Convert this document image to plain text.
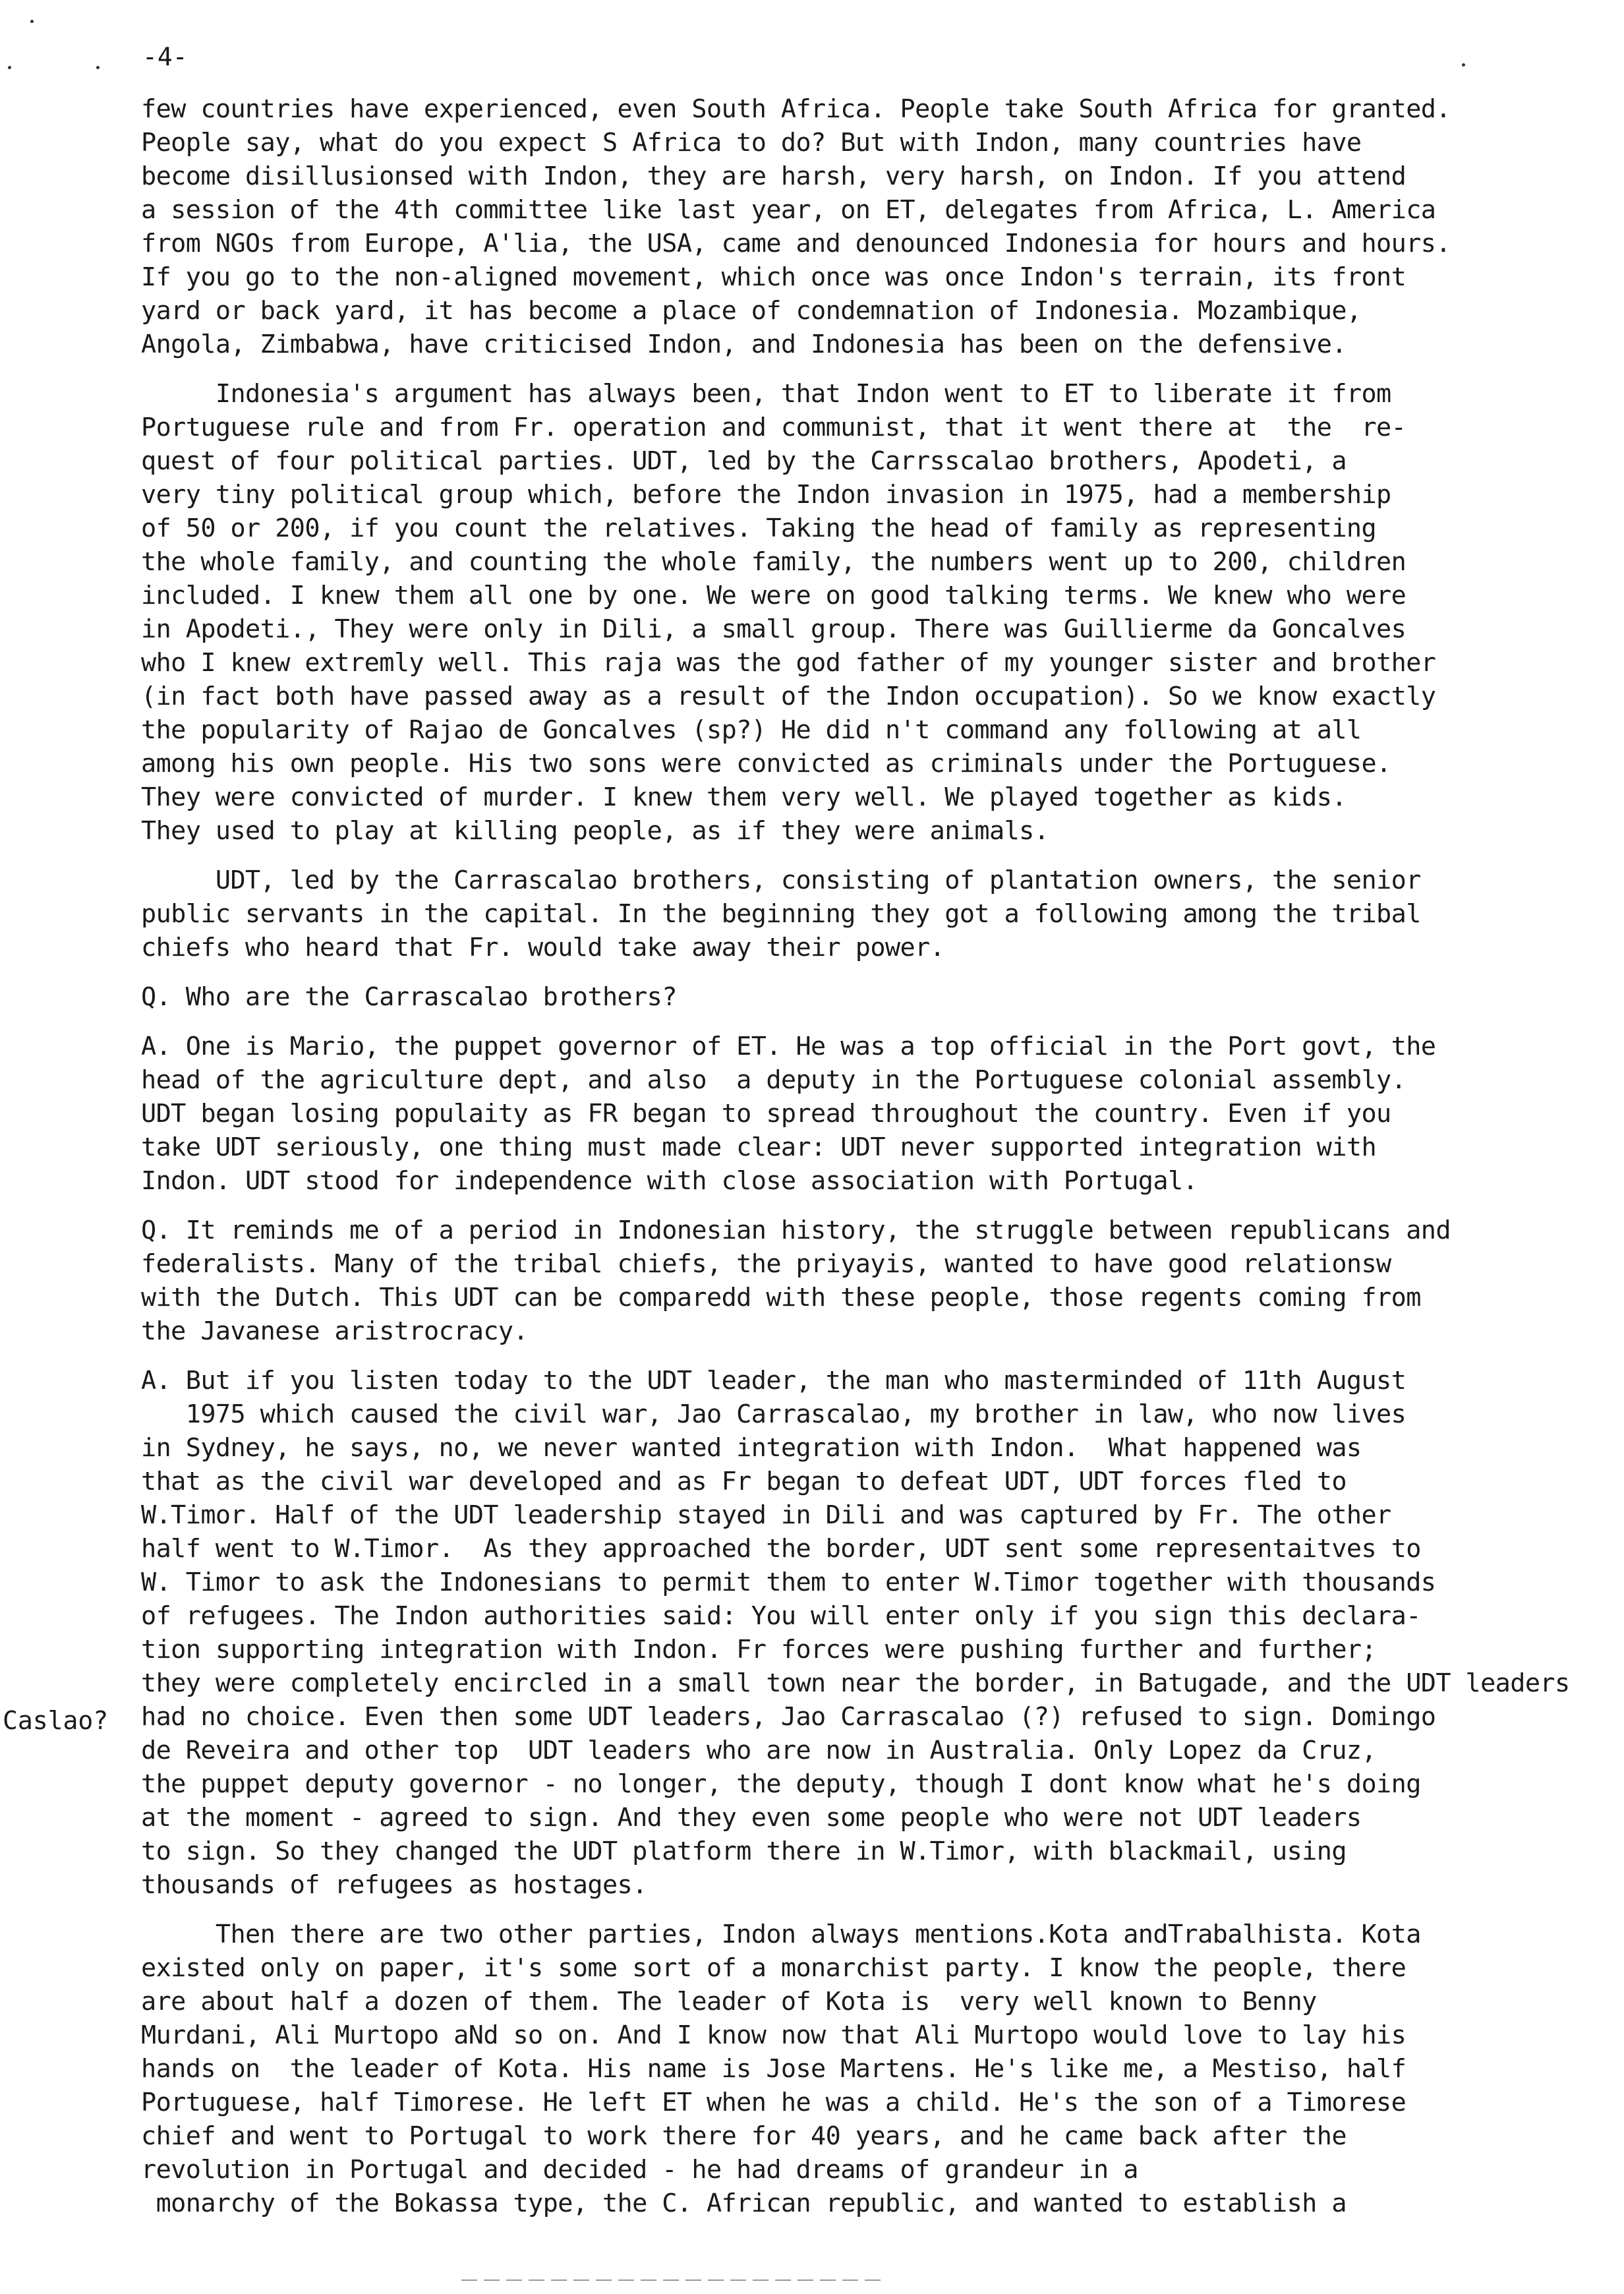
-4-
few countries have experienced, even South Africa. People take South Africa for granted.
People say, what do you expect S Africa to do? But with Indon, many countries have
become disillusionsed with Indon, they are harsh, very harsh, on Indon. If you attend
a session of the 4th committee like last year, on ET, delegates from Africa, L. America
from NGOs from Europe, A'lia, the USA, came and denounced Indonesia for hours and hours.
If you go to the non-aligned movement, which once was once Indon's terrain, its front
yard or back yard, it has become a place of condemnation of Indonesia. Mozambique,
Angola, Zimbabwa, have criticised Indon, and Indonesia has been on the defensive.
Indonesia's argument has always been, that Indon went to ET to liberate it from
Portuguese rule and from Fr. operation and communist, that it went there at  the  re-
quest of four political parties. UDT, led by the Carrsscalao brothers, Apodeti, a
very tiny political group which, before the Indon invasion in 1975, had a membership
of 50 or 200, if you count the relatives. Taking the head of family as representing
the whole family, and counting the whole family, the numbers went up to 200, children
included. I knew them all one by one. We were on good talking terms. We knew who were
in Apodeti., They were only in Dili, a small group. There was Guillierme da Goncalves
who I knew extremly well. This raja was the god father of my younger sister and brother
(in fact both have passed away as a result of the Indon occupation). So we know exactly
the popularity of Rajao de Goncalves (sp?) He did n't command any following at all
among his own people. His two sons were convicted as criminals under the Portuguese.
They were convicted of murder. I knew them very well. We played together as kids.
They used to play at killing people, as if they were animals.
UDT, led by the Carrascalao brothers, consisting of plantation owners, the senior
public servants in the capital. In the beginning they got a following among the tribal
chiefs who heard that Fr. would take away their power.
Q. Who are the Carrascalao brothers?
A. One is Mario, the puppet governor of ET. He was a top official in the Port govt, the
head of the agriculture dept, and also  a deputy in the Portuguese colonial assembly.
UDT began losing populaity as FR began to spread throughout the country. Even if you
take UDT seriously, one thing must made clear: UDT never supported integration with
Indon. UDT stood for independence with close association with Portugal.
Q. It reminds me of a period in Indonesian history, the struggle between republicans and
federalists. Many of the tribal chiefs, the priyayis, wanted to have good relationsw
with the Dutch. This UDT can be comparedd with these people, those regents coming from
the Javanese aristrocracy.
A. But if you listen today to the UDT leader, the man who masterminded of 11th August
1975 which caused the civil war, Jao Carrascalao, my brother in law, who now lives
in Sydney, he says, no, we never wanted integration with Indon.  What happened was
that as the civil war developed and as Fr began to defeat UDT, UDT forces fled to
W.Timor. Half of the UDT leadership stayed in Dili and was captured by Fr. The other
half went to W.Timor.  As they approached the border, UDT sent some representaitves to
W. Timor to ask the Indonesians to permit them to enter W.Timor together with thousands
of refugees. The Indon authorities said: You will enter only if you sign this declara-
tion supporting integration with Indon. Fr forces were pushing further and further;
they were completely encircled in a small town near the border, in Batugade, and the UDT leaders
had no choice. Even then some UDT leaders, Jao Carrascalao (?) refused to sign. Domingo
de Reveira and other top  UDT leaders who are now in Australia. Only Lopez da Cruz,
the puppet deputy governor - no longer, the deputy, though I dont know what he's doing
at the moment - agreed to sign. And they even some people who were not UDT leaders
to sign. So they changed the UDT platform there in W.Timor, with blackmail, using
thousands of refugees as hostages.
Then there are two other parties, Indon always mentions.Kota andTrabalhista. Kota
existed only on paper, it's some sort of a monarchist party. I know the people, there
are about half a dozen of them. The leader of Kota is  very well known to Benny
Murdani, Ali Murtopo aNd so on. And I know now that Ali Murtopo would love to lay his
hands on  the leader of Kota. His name is Jose Martens. He's like me, a Mestiso, half
Portuguese, half Timorese. He left ET when he was a child. He's the son of a Timorese
chief and went to Portugal to work there for 40 years, and he came back after the
revolution in Portugal and decided - he had dreams of grandeur in a
monarchy of the Bokassa type, the C. African republic, and wanted to establish a
Caslao?
